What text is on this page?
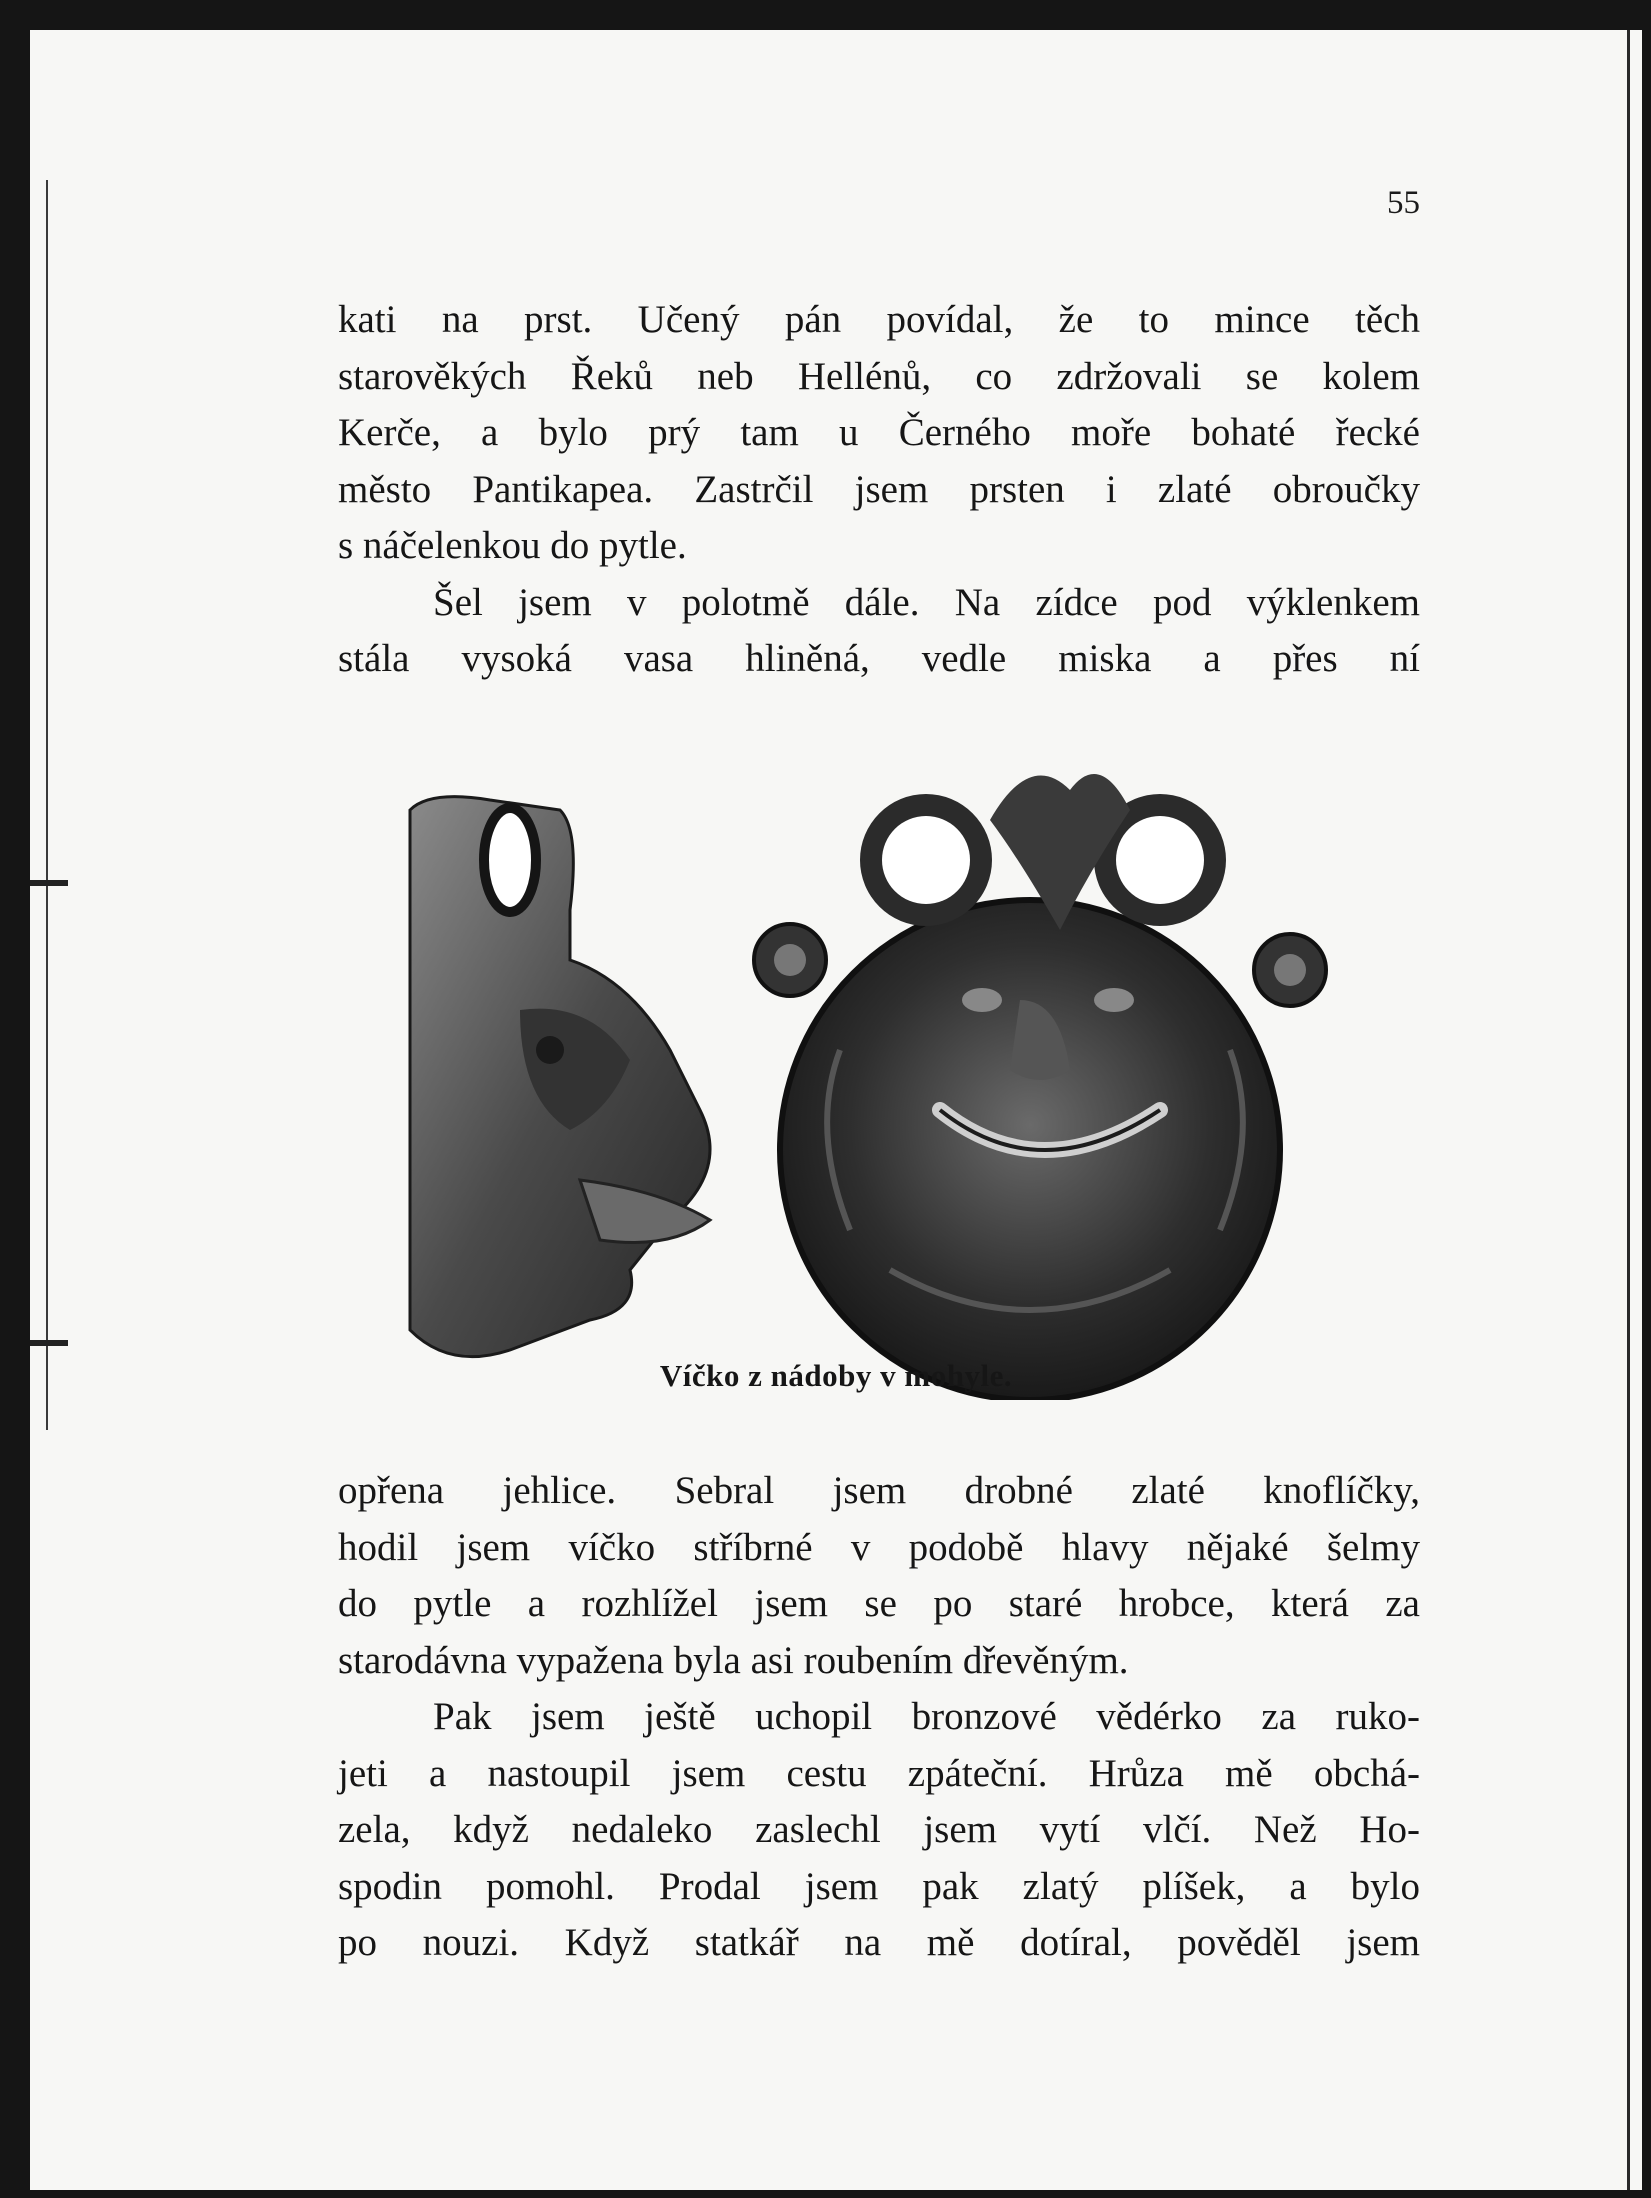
55
kati na prst. Učený pán povídal, že to mince těch
starověkých Řeků neb Hellénů, co zdržovali se kolem
Kerče, a bylo prý tam u Černého moře bohaté řecké
město Pantikapea. Zastrčil jsem prsten i zlaté obroučky
s náčelenkou do pytle.
Šel jsem v polotmě dále. Na zídce pod výklenkem
stála vysoká vasa hliněná, vedle miska a přes ní
Víčko z nádoby v mohyle.
opřena jehlice. Sebral jsem drobné zlaté knoflíčky,
hodil jsem víčko stříbrné v podobě hlavy nějaké šelmy
do pytle a rozhlížel jsem se po staré hrobce, která za
starodávna vypažena byla asi roubením dřevěným.
Pak jsem ještě uchopil bronzové vědérko za ruko-
jeti a nastoupil jsem cestu zpáteční. Hrůza mě obchá-
zela, když nedaleko zaslechl jsem vytí vlčí. Než Ho-
spodin pomohl. Prodal jsem pak zlatý plíšek, a bylo
po nouzi. Když statkář na mě dotíral, pověděl jsem
